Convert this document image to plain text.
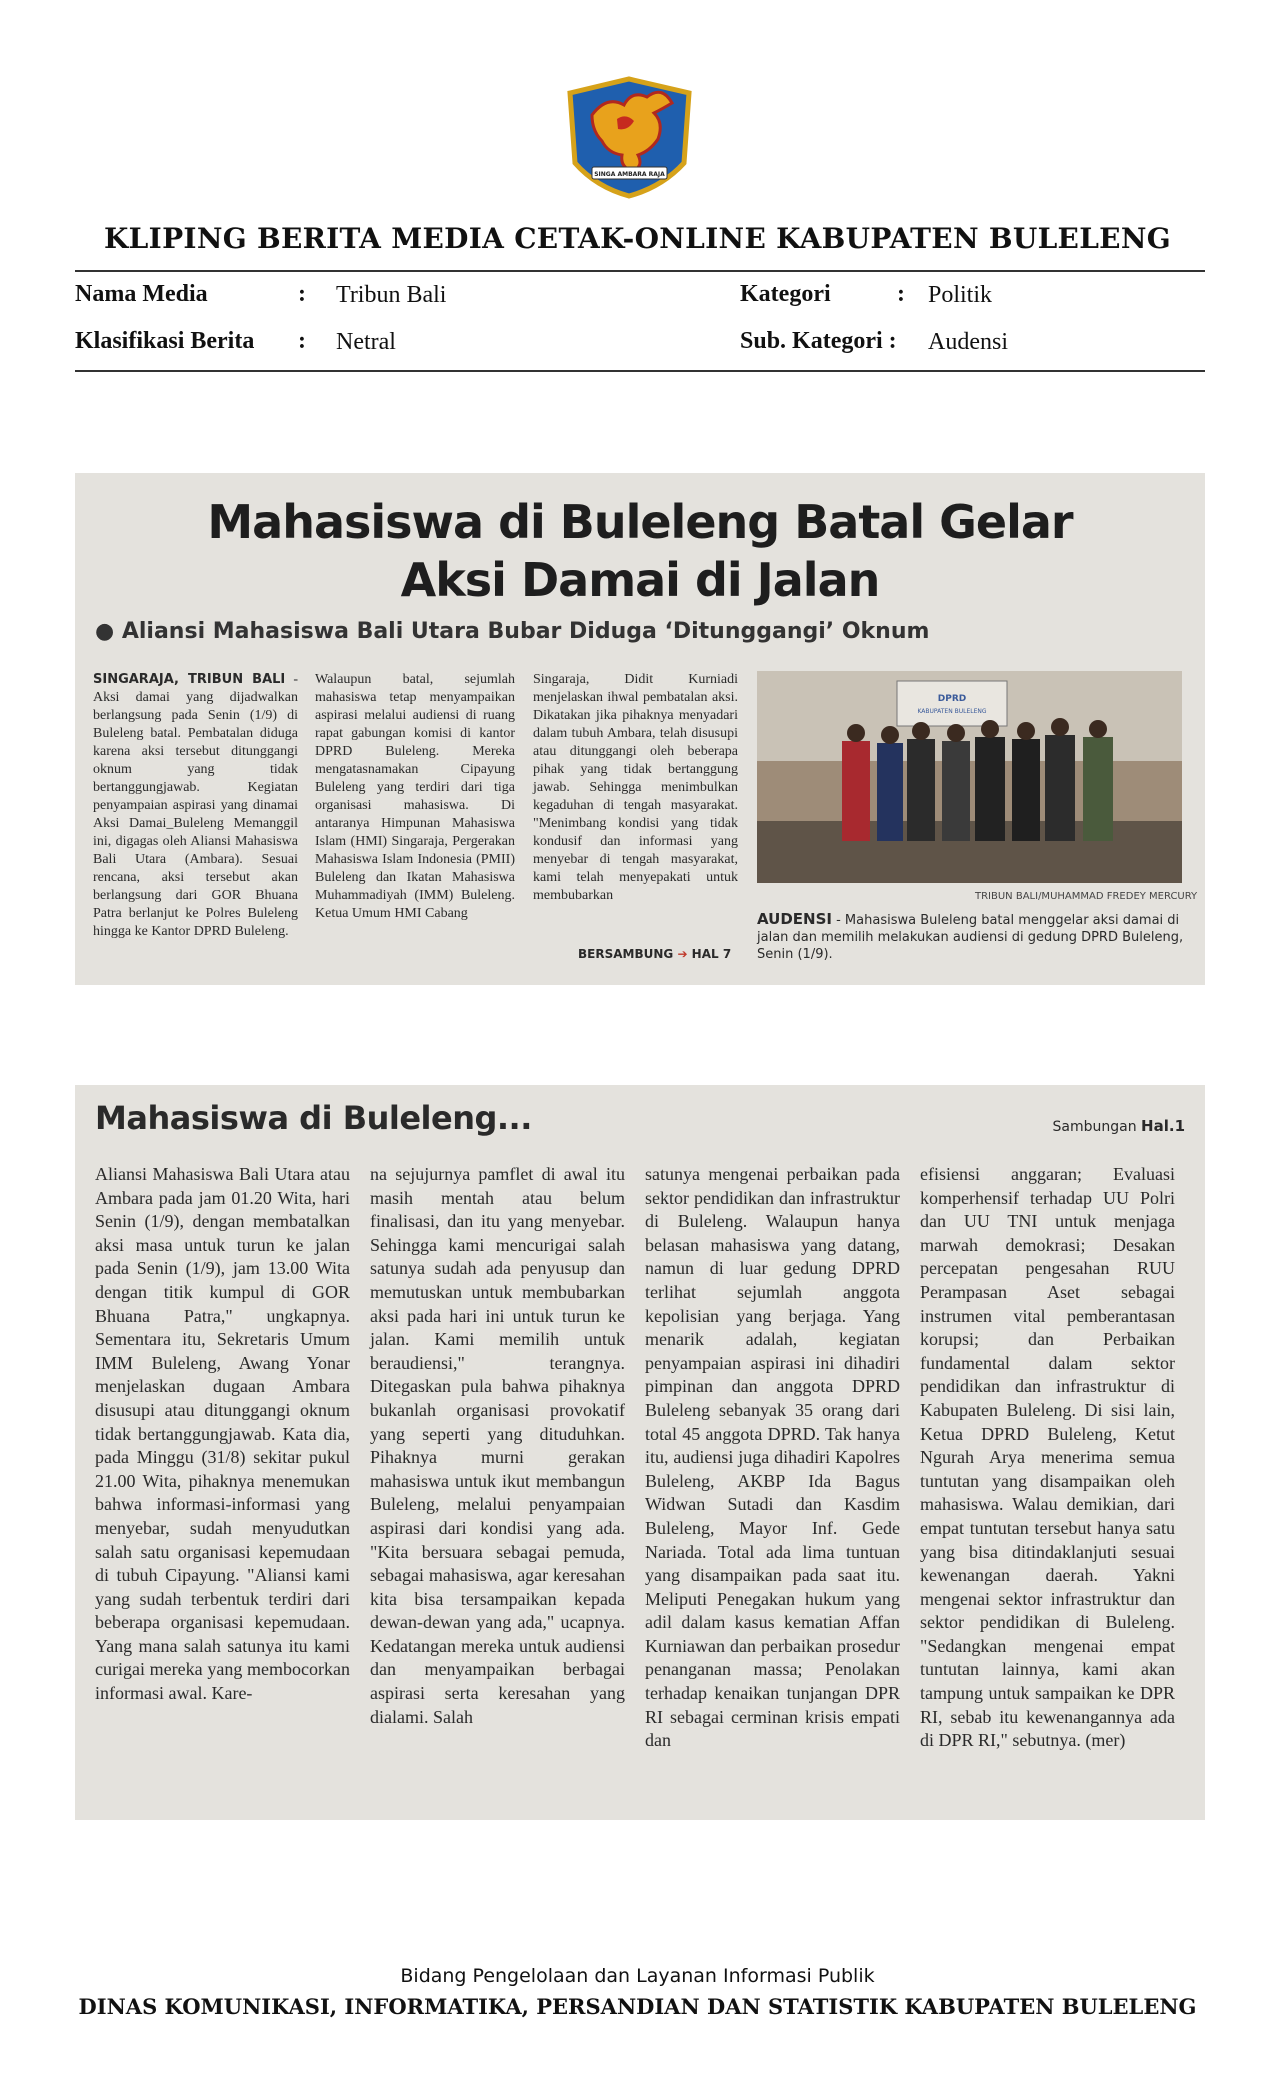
SINGA AMBARA RAJA
KLIPING BERITA MEDIA CETAK-ONLINE KABUPATEN BULELENG
Nama Media	: Tribun Bali	Kategori	: Politik
Klasifikasi Berita : Netral	Sub. Kategori : Audensi
Mahasiswa di Buleleng Batal Gelar
Aksi Damai di Jalan
● Aliansi Mahasiswa Bali Utara Bubar Diduga ‘Ditunggangi’ Oknum
SINGARAJA, TRIBUN BALI - Aksi damai yang dijadwalkan berlangsung pada Senin (1/9) di Buleleng batal. Pembatalan diduga karena aksi tersebut ditunggangi oknum yang tidak bertanggungjawab. Kegiatan penyampaian aspirasi yang dinamai Aksi Damai_Buleleng Memanggil ini, digagas oleh Aliansi Mahasiswa Bali Utara (Ambara). Sesuai rencana, aksi tersebut akan berlangsung dari GOR Bhuana Patra berlanjut ke Polres Buleleng hingga ke Kantor DPRD Buleleng.
Walaupun batal, sejumlah mahasiswa tetap menyampaikan aspirasi melalui audiensi di ruang rapat gabungan komisi di kantor DPRD Buleleng. Mereka mengatasnamakan Cipayung Buleleng yang terdiri dari tiga organisasi mahasiswa. Di antaranya Himpunan Mahasiswa Islam (HMI) Singaraja, Pergerakan Mahasiswa Islam Indonesia (PMII) Buleleng dan Ikatan Mahasiswa Muhammadiyah (IMM) Buleleng. Ketua Umum HMI Cabang
Singaraja, Didit Kurniadi menjelaskan ihwal pembatalan aksi. Dikatakan jika pihaknya menyadari dalam tubuh Ambara, telah disusupi atau ditunggangi oleh beberapa pihak yang tidak bertanggung jawab. Sehingga menimbulkan kegaduhan di tengah masyarakat. "Menimbang kondisi yang tidak kondusif dan informasi yang menyebar di tengah masyarakat, kami telah menyepakati untuk membubarkan
BERSAMBUNG ➔ HAL 7
DPRD
KABUPATEN BULELENG
TRIBUN BALI/MUHAMMAD FREDEY MERCURY
AUDENSI - Mahasiswa Buleleng batal menggelar aksi damai di jalan dan memilih melakukan audiensi di gedung DPRD Buleleng, Senin (1/9).
Mahasiswa di Buleleng...	Sambungan Hal.1
Aliansi Mahasiswa Bali Utara atau Ambara pada jam 01.20 Wita, hari Senin (1/9), dengan membatalkan aksi masa untuk turun ke jalan pada Senin (1/9), jam 13.00 Wita dengan titik kumpul di GOR Bhuana Patra," ungkapnya. Sementara itu, Sekretaris Umum IMM Buleleng, Awang Yonar menjelaskan dugaan Ambara disusupi atau ditunggangi oknum tidak bertanggungjawab. Kata dia, pada Minggu (31/8) sekitar pukul 21.00 Wita, pihaknya menemukan bahwa informasi-informasi yang menyebar, sudah menyudutkan salah satu organisasi kepemudaan di tubuh Cipayung. "Aliansi kami yang sudah terbentuk terdiri dari beberapa organisasi kepemudaan. Yang mana salah satunya itu kami curigai mereka yang membocorkan informasi awal. Kare-
na sejujurnya pamflet di awal itu masih mentah atau belum finalisasi, dan itu yang menyebar. Sehingga kami mencurigai salah satunya sudah ada penyusup dan memutuskan untuk membubarkan aksi pada hari ini untuk turun ke jalan. Kami memilih untuk beraudiensi," terangnya. Ditegaskan pula bahwa pihaknya bukanlah organisasi provokatif yang seperti yang dituduhkan. Pihaknya murni gerakan mahasiswa untuk ikut membangun Buleleng, melalui penyampaian aspirasi dari kondisi yang ada. "Kita bersuara sebagai pemuda, sebagai mahasiswa, agar keresahan kita bisa tersampaikan kepada dewan-dewan yang ada," ucapnya. Kedatangan mereka untuk audiensi dan menyampaikan berbagai aspirasi serta keresahan yang dialami. Salah
satunya mengenai perbaikan pada sektor pendidikan dan infrastruktur di Buleleng. Walaupun hanya belasan mahasiswa yang datang, namun di luar gedung DPRD terlihat sejumlah anggota kepolisian yang berjaga. Yang menarik adalah, kegiatan penyampaian aspirasi ini dihadiri pimpinan dan anggota DPRD Buleleng sebanyak 35 orang dari total 45 anggota DPRD. Tak hanya itu, audiensi juga dihadiri Kapolres Buleleng, AKBP Ida Bagus Widwan Sutadi dan Kasdim Buleleng, Mayor Inf. Gede Nariada. Total ada lima tuntuan yang disampaikan pada saat itu. Meliputi Penegakan hukum yang adil dalam kasus kematian Affan Kurniawan dan perbaikan prosedur penanganan massa; Penolakan terhadap kenaikan tunjangan DPR RI sebagai cerminan krisis empati dan
efisiensi anggaran; Evaluasi komperhensif terhadap UU Polri dan UU TNI untuk menjaga marwah demokrasi; Desakan percepatan pengesahan RUU Perampasan Aset sebagai instrumen vital pemberantasan korupsi; dan Perbaikan fundamental dalam sektor pendidikan dan infrastruktur di Kabupaten Buleleng. Di sisi lain, Ketua DPRD Buleleng, Ketut Ngurah Arya menerima semua tuntutan yang disampaikan oleh mahasiswa. Walau demikian, dari empat tuntutan tersebut hanya satu yang bisa ditindaklanjuti sesuai kewenangan daerah. Yakni mengenai sektor infrastruktur dan sektor pendidikan di Buleleng. "Sedangkan mengenai empat tuntutan lainnya, kami akan tampung untuk sampaikan ke DPR RI, sebab itu kewenangannya ada di DPR RI," sebutnya. (mer)
Bidang Pengelolaan dan Layanan Informasi Publik
DINAS KOMUNIKASI, INFORMATIKA, PERSANDIAN DAN STATISTIK KABUPATEN BULELENG
